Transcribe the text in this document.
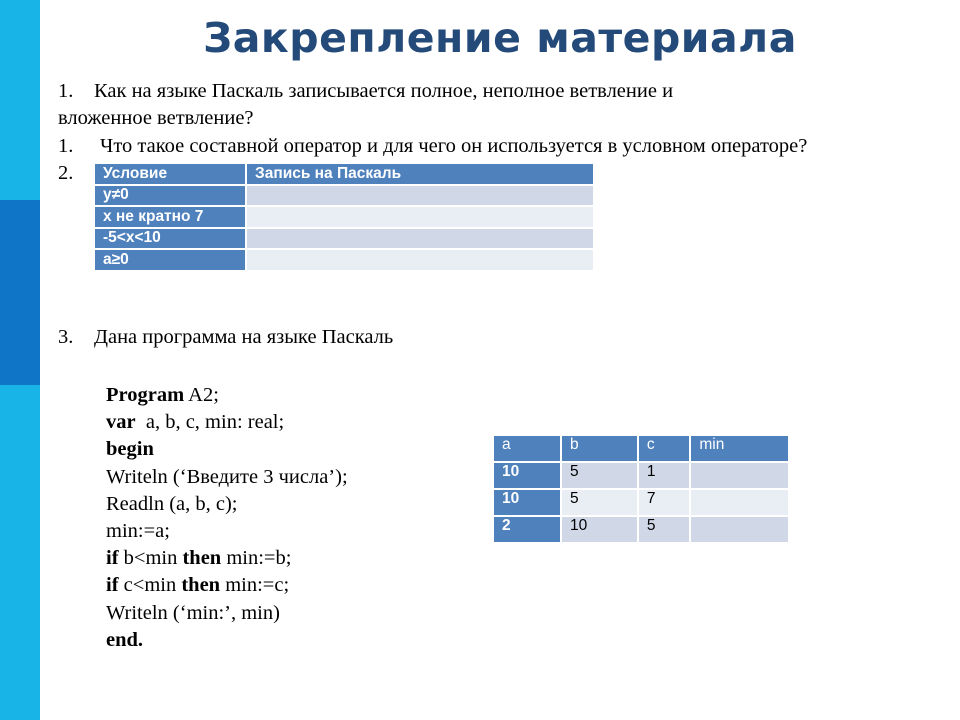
Закрепление материала
1. Как на языке Паскаль записывается полное, неполное ветвление и
вложенное ветвление?
1. Что такое составной оператор и для чего он используется в условном операторе?
2. Условие	Запись на Паскаль
y≠0	
x не кратно 7	
-5<x<10	
a≥0	
3. Дана программа на языке Паскаль
Program A2;
var  a, b, c, min: real;
begin
Writeln (‘Введите 3 числа’);
Readln (a, b, c);
min:=a;
if b<min then min:=b;
if c<min then min:=c;
Writeln (‘min:’, min)
end.
a	b	c	min
10	5	1	
10	5	7	
2	10	5	
